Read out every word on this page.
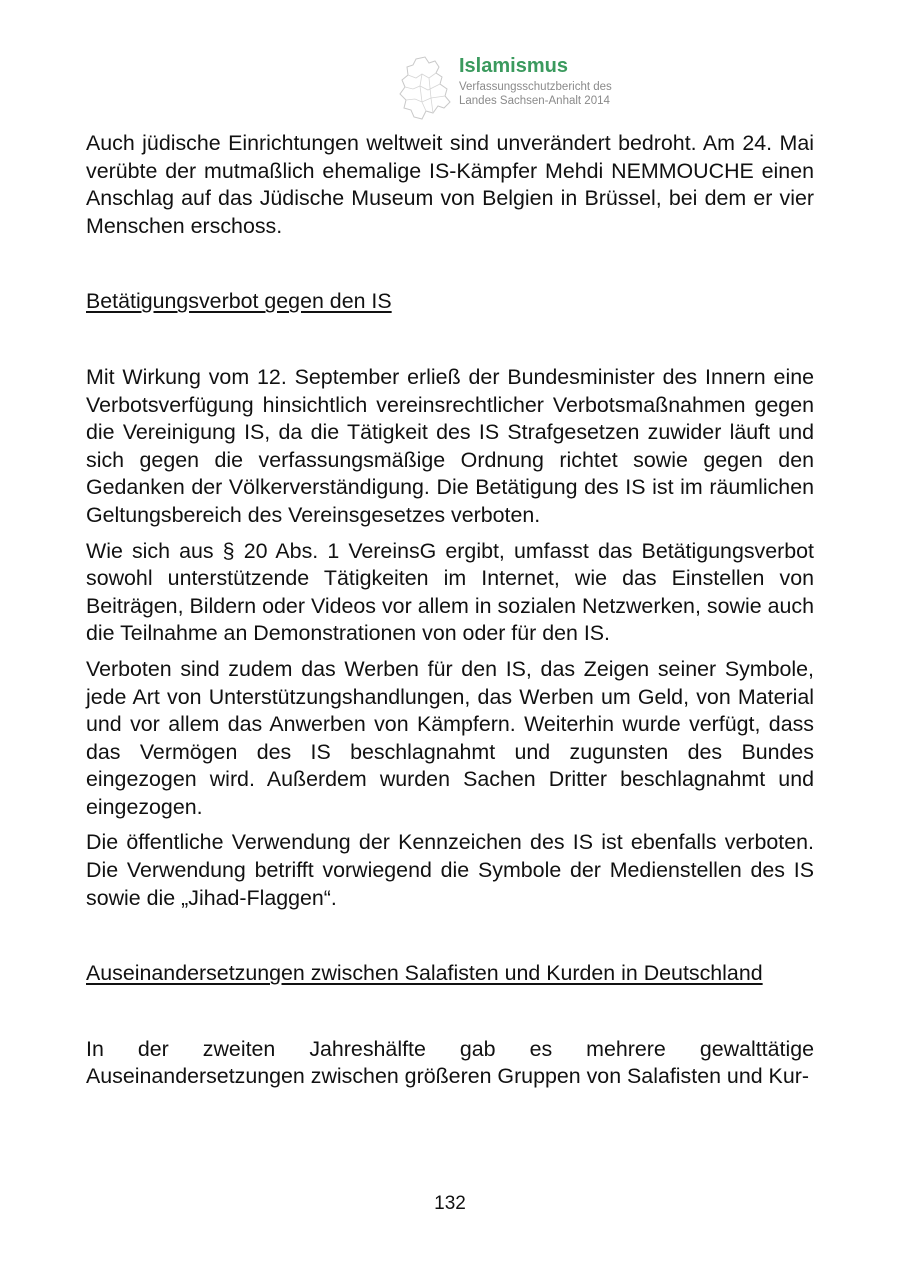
Islamismus
Verfassungsschutzbericht des
Landes Sachsen-Anhalt 2014

Auch jüdische Einrichtungen weltweit sind unverändert bedroht. Am 24. Mai verübte der mutmaßlich ehemalige IS-Kämpfer Mehdi NEMMOUCHE einen Anschlag auf das Jüdische Museum von Belgien in Brüssel, bei dem er vier Menschen erschoss.

Betätigungsverbot gegen den IS

Mit Wirkung vom 12. September erließ der Bundesminister des Innern eine Verbotsverfügung hinsichtlich vereinsrechtlicher Verbotsmaßnahmen gegen die Vereinigung IS, da die Tätigkeit des IS Strafgesetzen zuwider läuft und sich gegen die verfassungsmäßige Ordnung richtet sowie gegen den Gedanken der Völkerverständigung. Die Betätigung des IS ist im räumlichen Geltungsbereich des Vereinsgesetzes verboten.

Wie sich aus § 20 Abs. 1 VereinsG ergibt, umfasst das Betätigungsverbot sowohl unterstützende Tätigkeiten im Internet, wie das Einstellen von Beiträgen, Bildern oder Videos vor allem in sozialen Netzwerken, sowie auch die Teilnahme an Demonstrationen von oder für den IS.

Verboten sind zudem das Werben für den IS, das Zeigen seiner Symbole, jede Art von Unterstützungshandlungen, das Werben um Geld, von Material und vor allem das Anwerben von Kämpfern. Weiterhin wurde verfügt, dass das Vermögen des IS beschlagnahmt und zugunsten des Bundes eingezogen wird. Außerdem wurden Sachen Dritter beschlagnahmt und eingezogen.

Die öffentliche Verwendung der Kennzeichen des IS ist ebenfalls verboten. Die Verwendung betrifft vorwiegend die Symbole der Medienstellen des IS sowie die „Jihad-Flaggen“.

Auseinandersetzungen zwischen Salafisten und Kurden in Deutschland

In der zweiten Jahreshälfte gab es mehrere gewalttätige Auseinandersetzungen zwischen größeren Gruppen von Salafisten und Kur-

132
